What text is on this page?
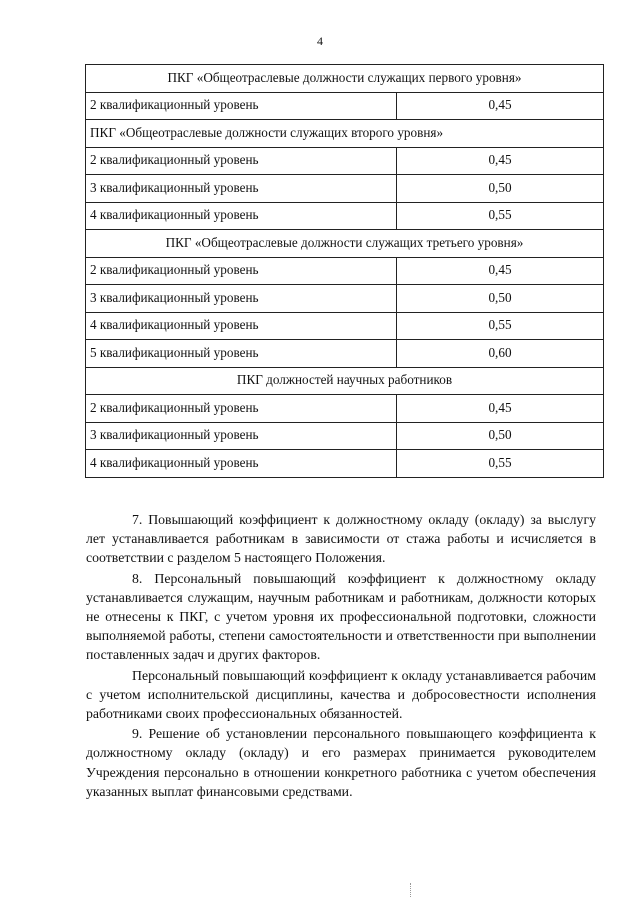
4
ПКГ «Общеотраслевые должности служащих первого уровня»	
2 квалификационный уровень	0,45
ПКГ «Общеотраслевые должности служащих второго уровня»	
2 квалификационный уровень	0,45
3 квалификационный уровень	0,50
4 квалификационный уровень	0,55
ПКГ «Общеотраслевые должности служащих третьего уровня»	
2 квалификационный уровень	0,45
3 квалификационный уровень	0,50
4 квалификационный уровень	0,55
5 квалификационный уровень	0,60
ПКГ должностей научных работников	
2 квалификационный уровень	0,45
3 квалификационный уровень	0,50
4 квалификационный уровень	0,55

7. Повышающий коэффициент к должностному окладу (окладу) за выслугу лет устанавливается работникам в зависимости от стажа работы и исчисляется в соответствии с разделом 5 настоящего Положения.

8. Персональный повышающий коэффициент к должностному окладу устанавливается служащим, научным работникам и работникам, должности которых не отнесены к ПКГ, с учетом уровня их профессиональной подготовки, сложности выполняемой работы, степени самостоятельности и ответственности при выполнении поставленных задач и других факторов.

Персональный повышающий коэффициент к окладу устанавливается рабочим с учетом исполнительской дисциплины, качества и добросовестности исполнения работниками своих профессиональных обязанностей.

9. Решение об установлении персонального повышающего коэффициента к должностному окладу (окладу) и его размерах принимается руководителем Учреждения персонально в отношении конкретного работника с учетом обеспечения указанных выплат финансовыми средствами.
